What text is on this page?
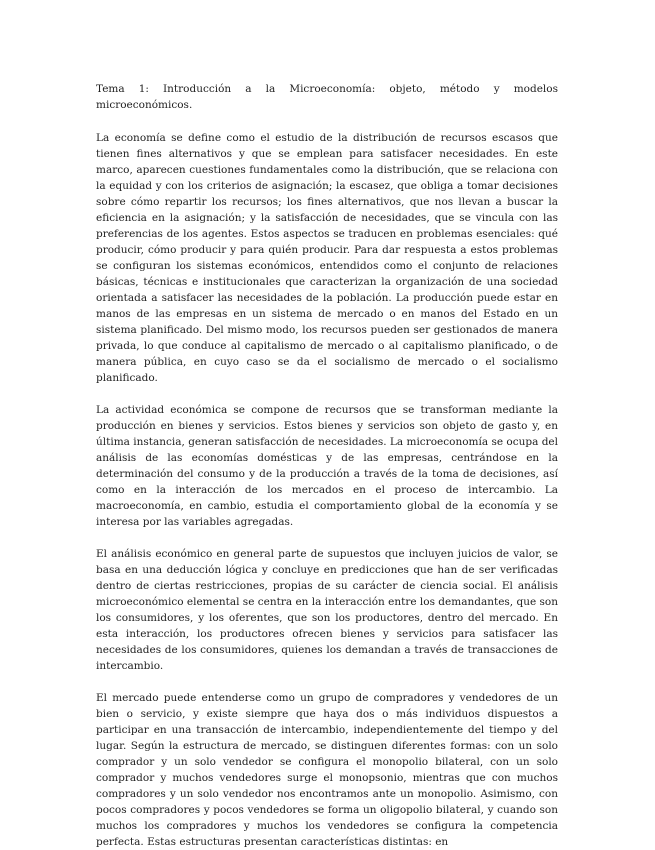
Tema 1: Introducción a la Microeconomía: objeto, método y modelos microeconómicos.

La economía se define como el estudio de la distribución de recursos escasos que tienen fines alternativos y que se emplean para satisfacer necesidades. En este marco, aparecen cuestiones fundamentales como la distribución, que se relaciona con la equidad y con los criterios de asignación; la escasez, que obliga a tomar decisiones sobre cómo repartir los recursos; los fines alternativos, que nos llevan a buscar la eficiencia en la asignación; y la satisfacción de necesidades, que se vincula con las preferencias de los agentes. Estos aspectos se traducen en problemas esenciales: qué producir, cómo producir y para quién producir. Para dar respuesta a estos problemas se configuran los sistemas económicos, entendidos como el conjunto de relaciones básicas, técnicas e institucionales que caracterizan la organización de una sociedad orientada a satisfacer las necesidades de la población. La producción puede estar en manos de las empresas en un sistema de mercado o en manos del Estado en un sistema planificado. Del mismo modo, los recursos pueden ser gestionados de manera privada, lo que conduce al capitalismo de mercado o al capitalismo planificado, o de manera pública, en cuyo caso se da el socialismo de mercado o el socialismo planificado.

La actividad económica se compone de recursos que se transforman mediante la producción en bienes y servicios. Estos bienes y servicios son objeto de gasto y, en última instancia, generan satisfacción de necesidades. La microeconomía se ocupa del análisis de las economías domésticas y de las empresas, centrándose en la determinación del consumo y de la producción a través de la toma de decisiones, así como en la interacción de los mercados en el proceso de intercambio. La macroeconomía, en cambio, estudia el comportamiento global de la economía y se interesa por las variables agregadas.

El análisis económico en general parte de supuestos que incluyen juicios de valor, se basa en una deducción lógica y concluye en predicciones que han de ser verificadas dentro de ciertas restricciones, propias de su carácter de ciencia social. El análisis microeconómico elemental se centra en la interacción entre los demandantes, que son los consumidores, y los oferentes, que son los productores, dentro del mercado. En esta interacción, los productores ofrecen bienes y servicios para satisfacer las necesidades de los consumidores, quienes los demandan a través de transacciones de intercambio.

El mercado puede entenderse como un grupo de compradores y vendedores de un bien o servicio, y existe siempre que haya dos o más individuos dispuestos a participar en una transacción de intercambio, independientemente del tiempo y del lugar. Según la estructura de mercado, se distinguen diferentes formas: con un solo comprador y un solo vendedor se configura el monopolio bilateral, con un solo comprador y muchos vendedores surge el monopsonio, mientras que con muchos compradores y un solo vendedor nos encontramos ante un monopolio. Asimismo, con pocos compradores y pocos vendedores se forma un oligopolio bilateral, y cuando son muchos los compradores y muchos los vendedores se configura la competencia perfecta. Estas estructuras presentan características distintas: en
